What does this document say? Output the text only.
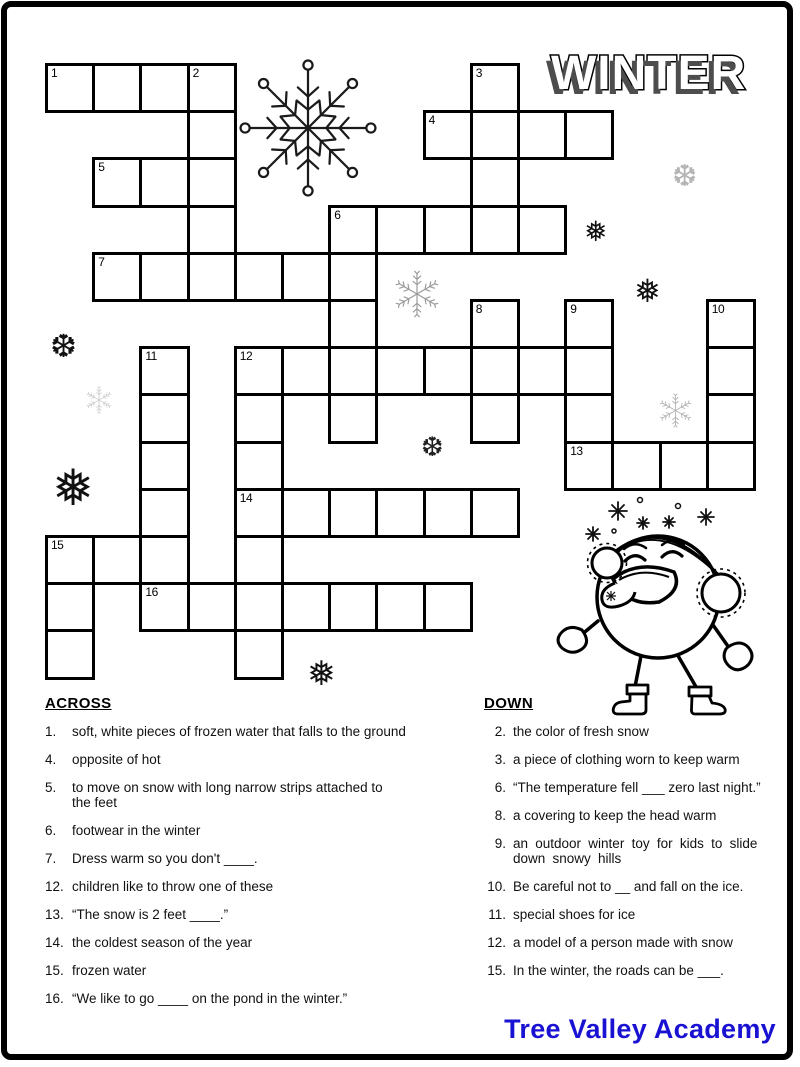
WINTER
❆
❅
❅
❆
❆
❅
❅
1	2	3
4
5
6
7
8	9	10
11	12
13
14
15
16
ACROSS
1.	soft, white pieces of frozen water that falls to the ground
4.	opposite of hot
5.	to move on snow with long narrow strips attached to
the feet
6.	footwear in the winter
7.	Dress warm so you don't ____.
12. children like to throw one of these
13. “The snow is 2 feet ____.”
14. the coldest season of the year
15. frozen water
16. “We like to go ____ on the pond in the winter.”
DOWN
2. the color of fresh snow
3. a piece of clothing worn to keep warm
6. “The temperature fell ___ zero last night.”
8. a covering to keep the head warm
9. an outdoor winter toy for kids to slide
down snowy hills
10. Be careful not to __ and fall on the ice.
11. special shoes for ice
12. a model of a person made with snow
15. In the winter, the roads can be ___.
Tree Valley Academy
